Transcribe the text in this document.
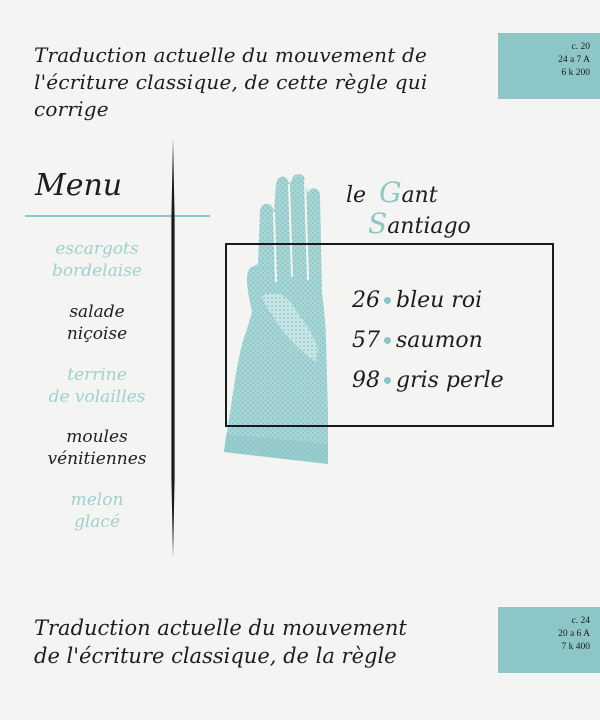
Traduction actuelle du mouvement de
l'écriture classique, de cette règle qui corrige
c. 20
24 a 7 A
6 k 200
Menu
escargots
bordelaise
salade
niçoise
terrine
de volailles
moules
vénitiennes
melon
glacé
le Gant
Santiago
26 bleu roi
57 saumon
98 gris perle
Traduction actuelle du mouvement
de l'écriture classique, de la règle
c. 24
20 a 6 A
7 k 400
